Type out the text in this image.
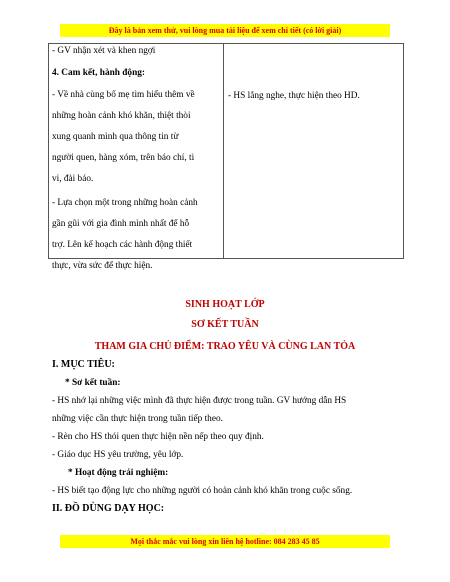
Đây là bản xem thử, vui lòng mua tài liệu để xem chi tiết (có lời giải)
- GV nhận xét và khen ngợi
4. Cam kết, hành động:
- Về nhà cùng bố mẹ tìm hiểu thêm về
những hoàn cảnh khó khăn, thiệt thòi
xung quanh mình qua thông tin từ
người quen, hàng xóm, trên báo chí, ti
vi, đài báo.
- Lựa chọn một trong những hoàn cảnh
gần gũi với gia đình mình nhất để hỗ
trợ. Lên kế hoạch các hành động thiết
thực, vừa sức để thực hiện.
- HS lắng nghe, thực hiện theo HD.
SINH HOẠT LỚP
SƠ KẾT TUẦN
THAM GIA CHỦ ĐIỂM: TRAO YÊU VÀ CÙNG LAN TỎA
I. MỤC TIÊU:
* Sơ kết tuần:
- HS nhớ lại những việc mình đã thực hiện được trong tuần. GV hướng dẫn HS
những việc cần thực hiện trong tuần tiếp theo.
- Rèn cho HS thói quen thực hiện nền nếp theo quy định.
- Giáo dục HS yêu trường, yêu lớp.
* Hoạt động trải nghiệm:
- HS biết tạo động lực cho những người có hoàn cảnh khó khăn trong cuộc sống.
II. ĐỒ DÙNG DẠY HỌC:
Mọi thắc mắc vui lòng xin liên hệ hotline: 084 283 45 85
